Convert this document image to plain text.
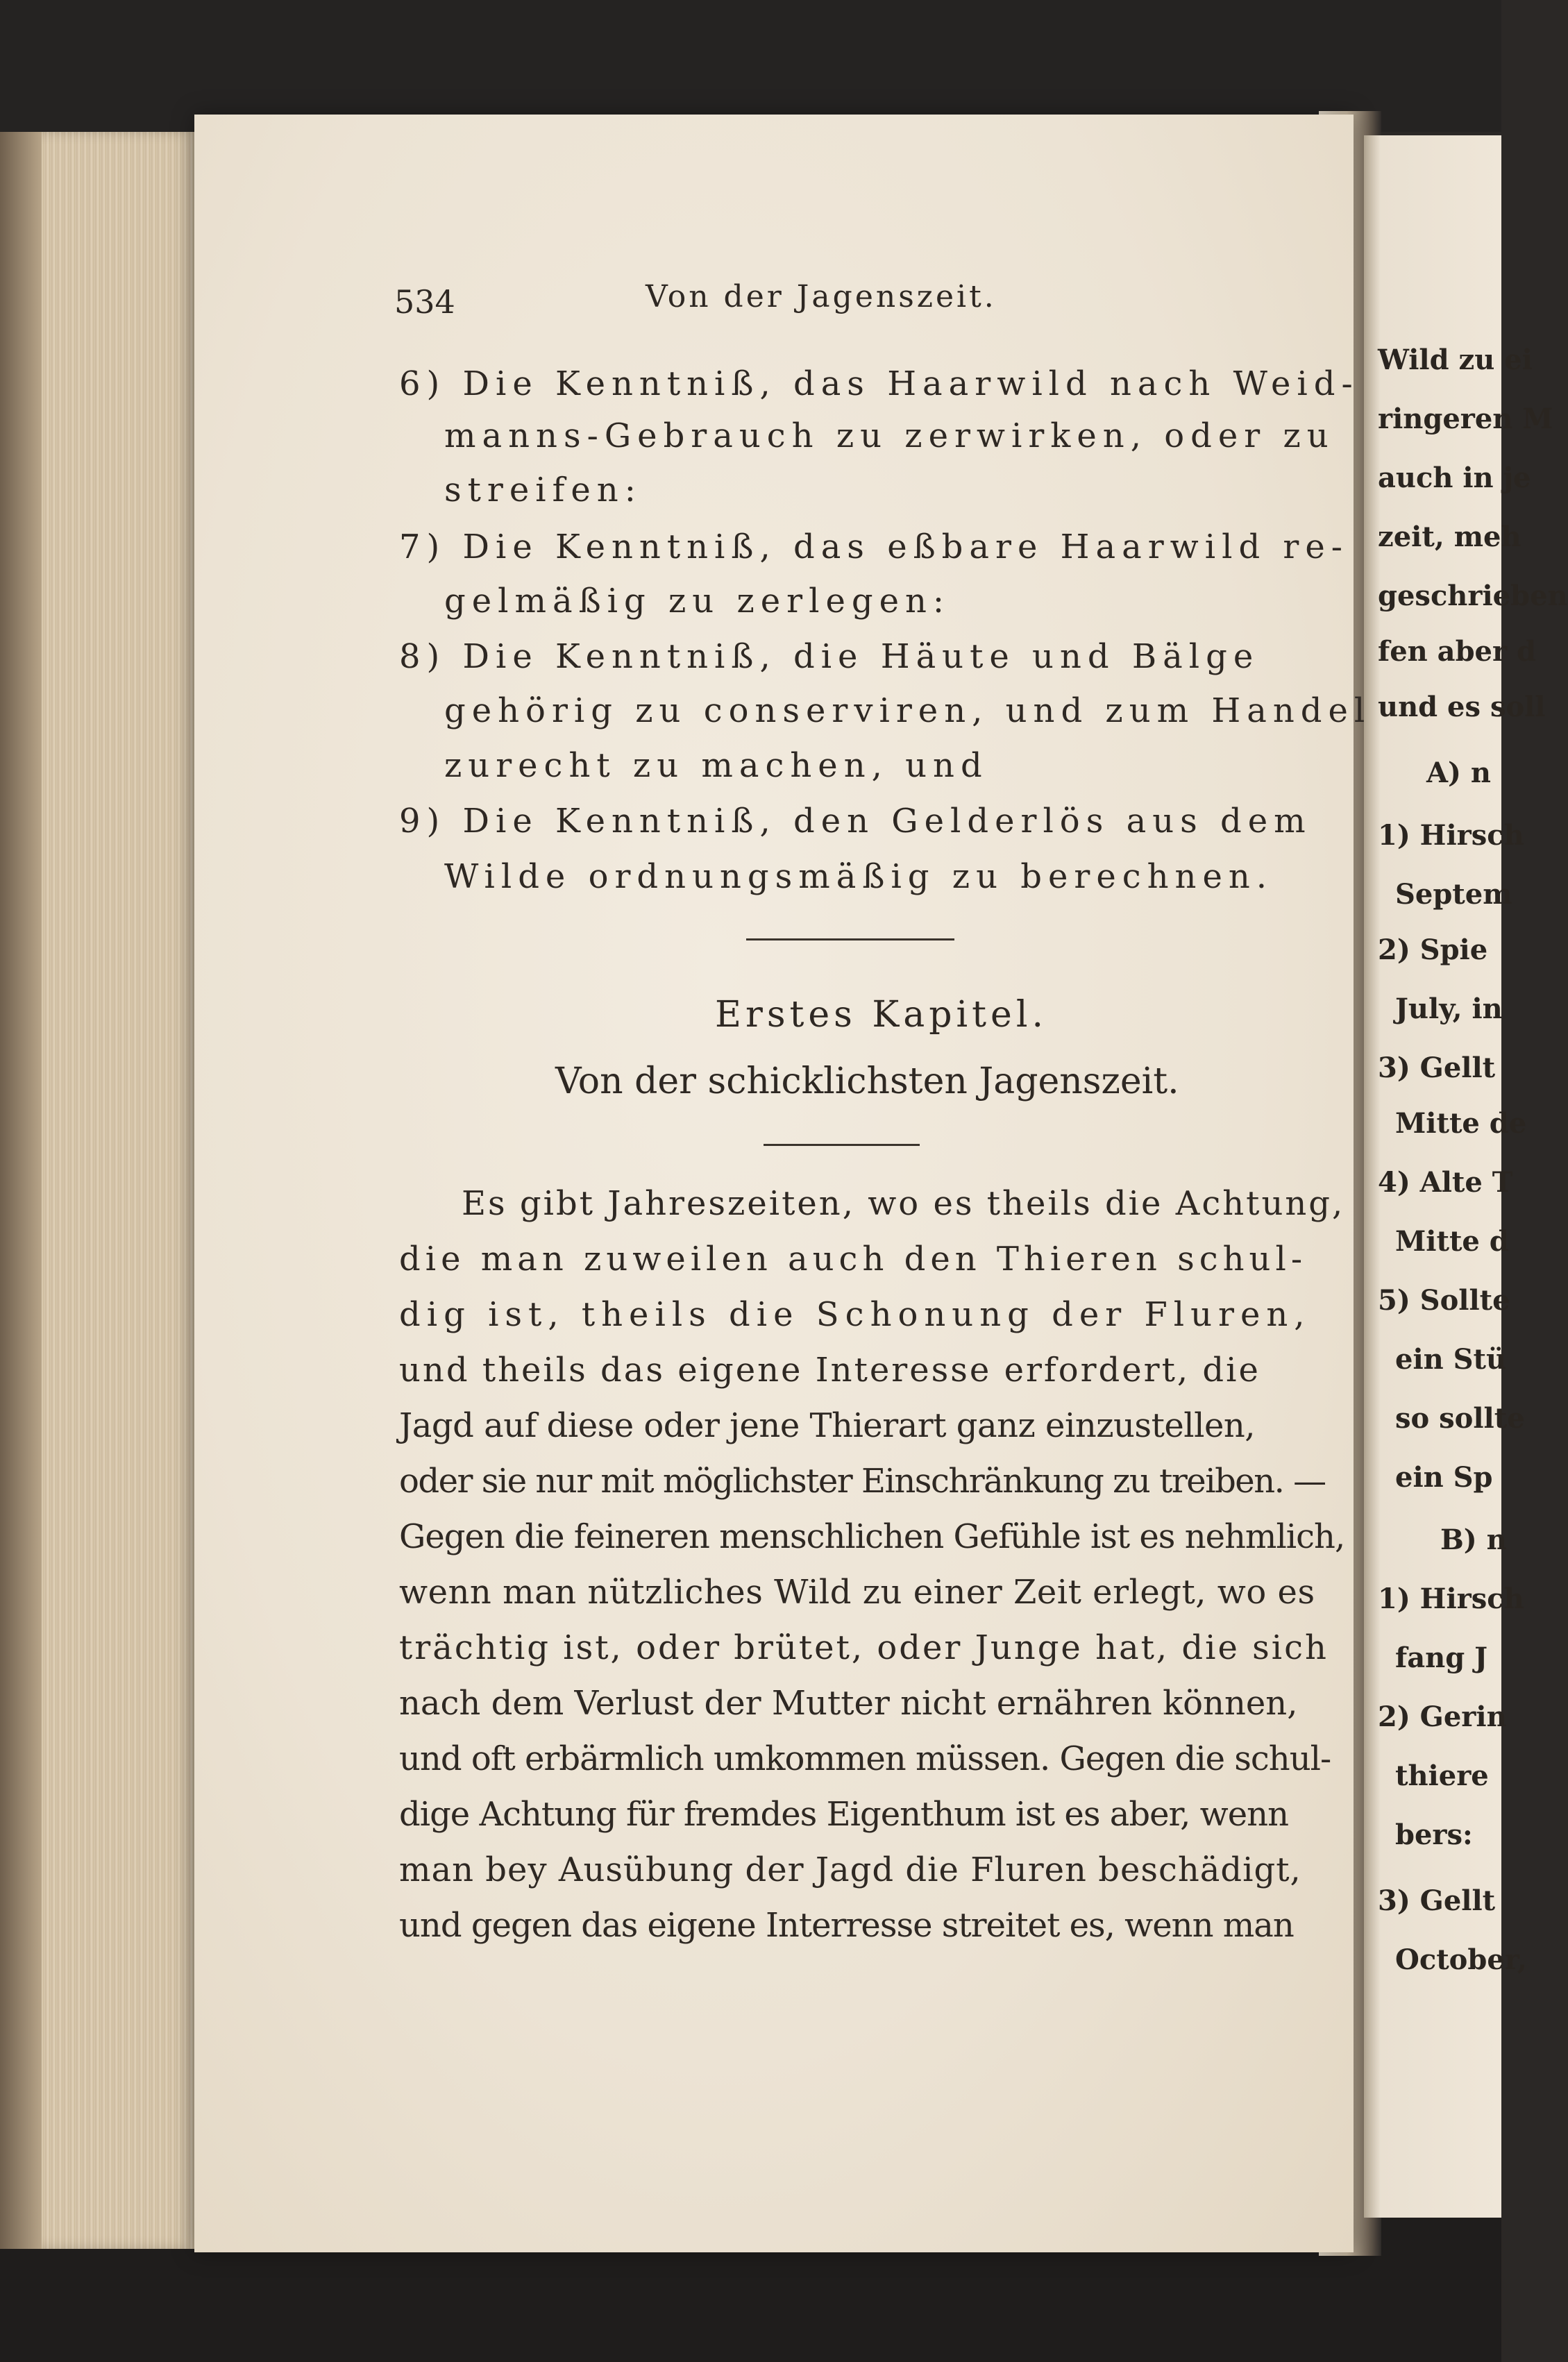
Wild zu ei
ringeren M
auch in je
zeit, meh
geschrieben
fen aber d
und es soll
A) n
1) Hirsch
Septem
2) Spie
July, in
3) Gellt
Mitte de
4) Alte T
Mitte d
5) Sollte
ein Stü
so sollte
ein Sp
B) n
1) Hirsch
fang J
2) Gerin
thiere
bers:
3) Gellt
October,
534	Von der Jagenszeit.
6) Die Kenntniß, das Haarwild nach Weid-
manns-Gebrauch zu zerwirken, oder zu
streifen:
7) Die Kenntniß, das eßbare Haarwild re-
gelmäßig zu zerlegen:
8) Die Kenntniß, die Häute und Bälge
gehörig zu conserviren, und zum Handel
zurecht zu machen, und
9) Die Kenntniß, den Gelderlös aus dem
Wilde ordnungsmäßig zu berechnen.
Erstes Kapitel.
Von der schicklichsten Jagenszeit.
Es gibt Jahreszeiten, wo es theils die Achtung,
die man zuweilen auch den Thieren schul-
dig ist, theils die Schonung der Fluren,
und theils das eigene Interesse erfordert, die
Jagd auf diese oder jene Thierart ganz einzustellen,
oder sie nur mit möglichster Einschränkung zu treiben. —
Gegen die feineren menschlichen Gefühle ist es nehmlich,
wenn man nützliches Wild zu einer Zeit erlegt, wo es
trächtig ist, oder brütet, oder Junge hat, die sich
nach dem Verlust der Mutter nicht ernähren können,
und oft erbärmlich umkommen müssen. Gegen die schul-
dige Achtung für fremdes Eigenthum ist es aber, wenn
man bey Ausübung der Jagd die Fluren beschädigt,
und gegen das eigene Interresse streitet es, wenn man
